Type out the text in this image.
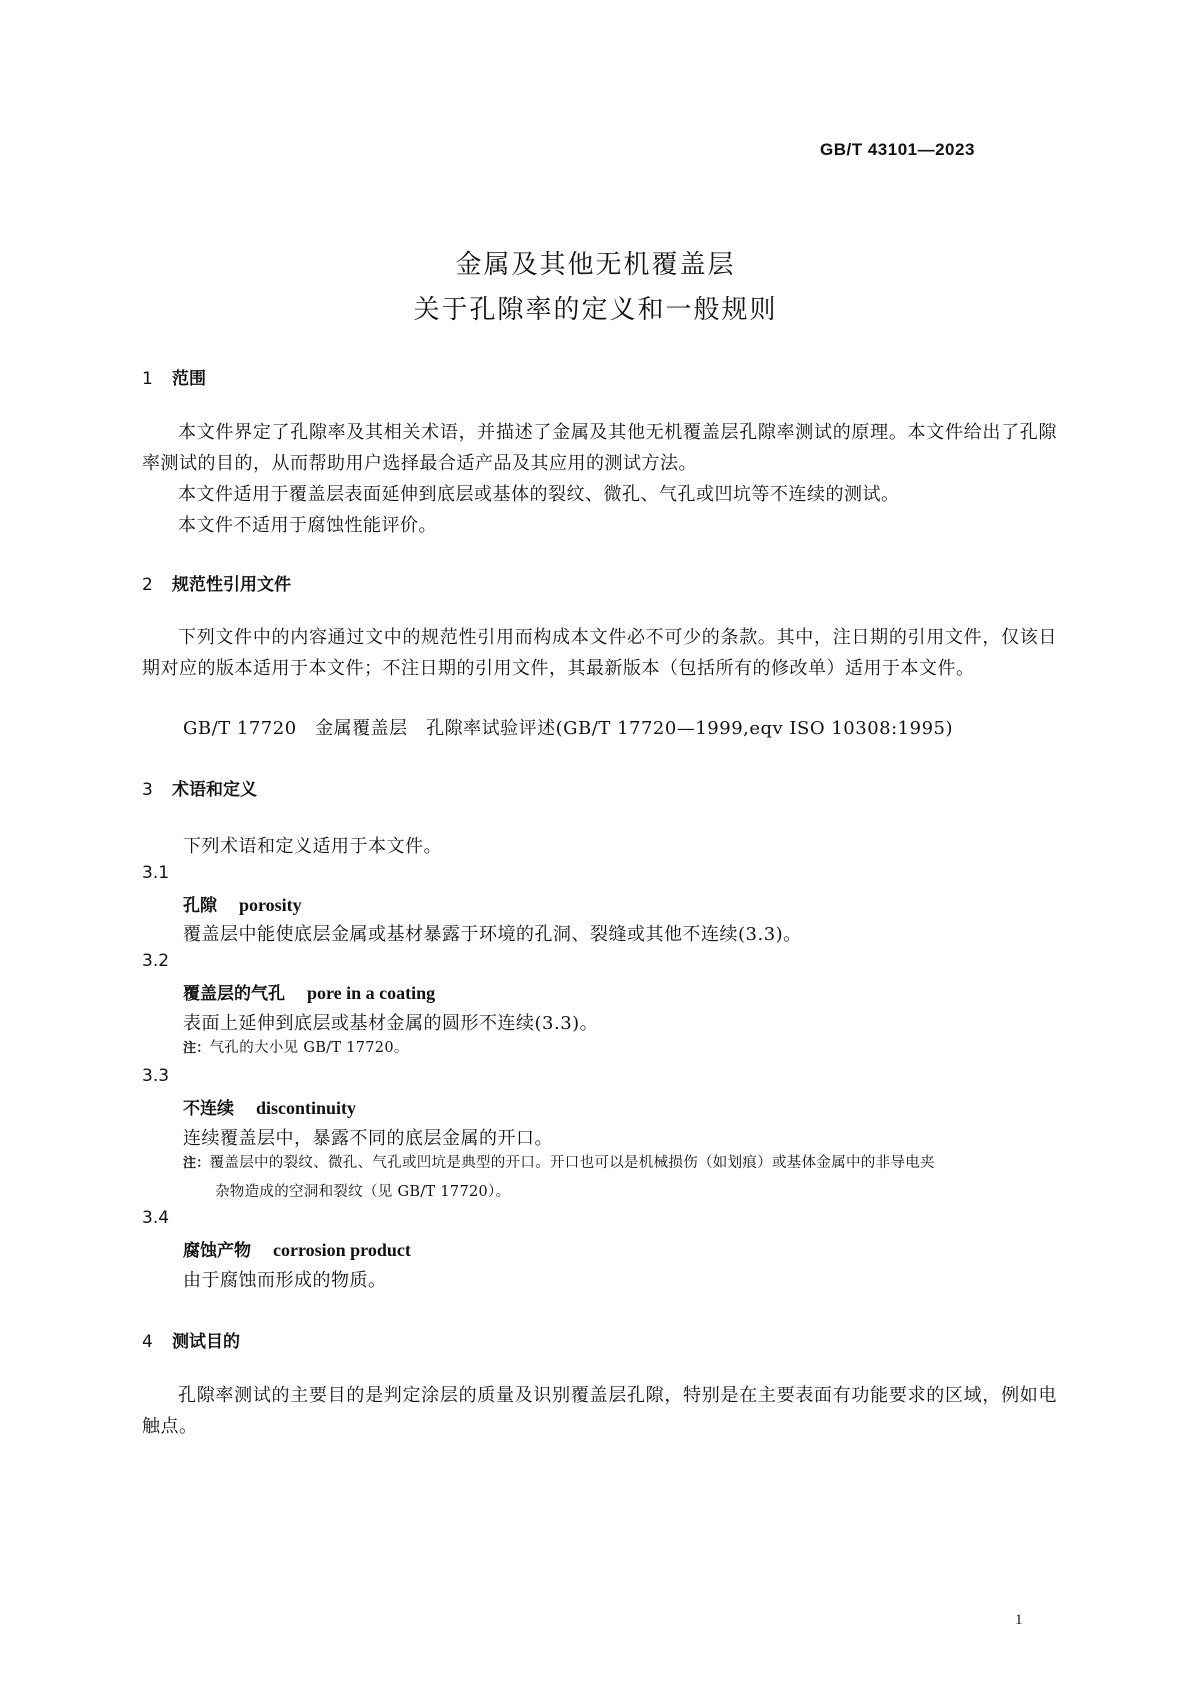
GB/T 43101—2023
金属及其他无机覆盖层
关于孔隙率的定义和一般规则
1 范围
本文件界定了孔隙率及其相关术语，并描述了金属及其他无机覆盖层孔隙率测试的原理。本文件给出了孔隙率测试的目的，从而帮助用户选择最合适产品及其应用的测试方法。
本文件适用于覆盖层表面延伸到底层或基体的裂纹、微孔、气孔或凹坑等不连续的测试。
本文件不适用于腐蚀性能评价。
2 规范性引用文件
下列文件中的内容通过文中的规范性引用而构成本文件必不可少的条款。其中，注日期的引用文件，仅该日期对应的版本适用于本文件；不注日期的引用文件，其最新版本（包括所有的修改单）适用于本文件。
GB/T 17720　金属覆盖层　孔隙率试验评述(GB/T 17720—1999,eqv ISO 10308:1995)
3 术语和定义
下列术语和定义适用于本文件。
3.1
孔隙 porosity
覆盖层中能使底层金属或基材暴露于环境的孔洞、裂缝或其他不连续(3.3)。
3.2
覆盖层的气孔 pore in a coating
表面上延伸到底层或基材金属的圆形不连续(3.3)。
注：气孔的大小见 GB/T 17720。
3.3
不连续 discontinuity
连续覆盖层中，暴露不同的底层金属的开口。
注：覆盖层中的裂纹、微孔、气孔或凹坑是典型的开口。开口也可以是机械损伤（如划痕）或基体金属中的非导电夹
杂物造成的空洞和裂纹（见 GB/T 17720）。
3.4
腐蚀产物 corrosion product
由于腐蚀而形成的物质。
4 测试目的
孔隙率测试的主要目的是判定涂层的质量及识别覆盖层孔隙，特别是在主要表面有功能要求的区域，例如电触点。
1
